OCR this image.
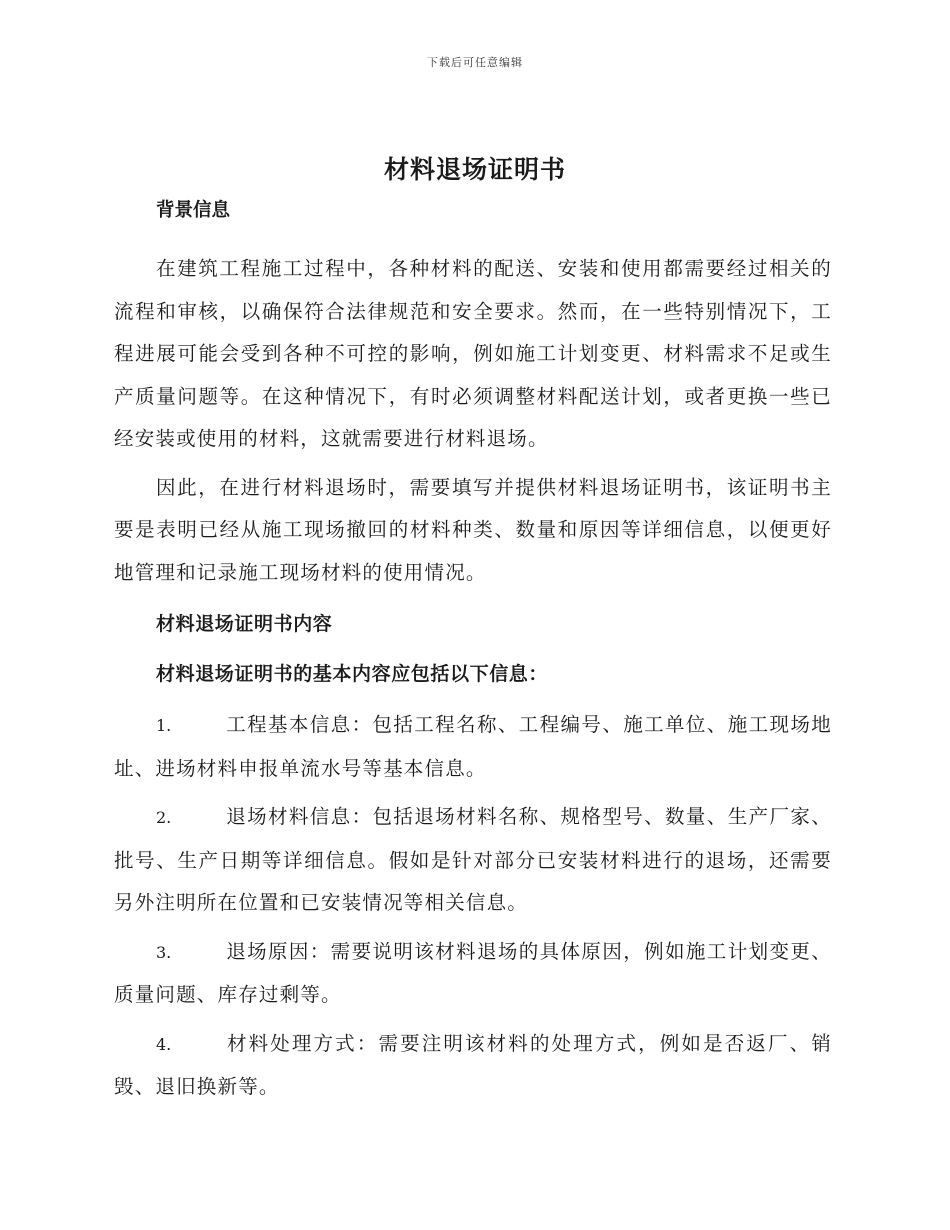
下载后可任意编辑
材料退场证明书

背景信息

在建筑工程施工过程中，各种材料的配送、安装和使用都需要经过相关的流程和审核，以确保符合法律规范和安全要求。然而，在一些特别情况下，工程进展可能会受到各种不可控的影响，例如施工计划变更、材料需求不足或生产质量问题等。在这种情况下，有时必须调整材料配送计划，或者更换一些已经安装或使用的材料，这就需要进行材料退场。

因此，在进行材料退场时，需要填写并提供材料退场证明书，该证明书主要是表明已经从施工现场撤回的材料种类、数量和原因等详细信息，以便更好地管理和记录施工现场材料的使用情况。

材料退场证明书内容

材料退场证明书的基本内容应包括以下信息：

1.	工程基本信息：包括工程名称、工程编号、施工单位、施工现场地址、进场材料申报单流水号等基本信息。

2.	退场材料信息：包括退场材料名称、规格型号、数量、生产厂家、批号、生产日期等详细信息。假如是针对部分已安装材料进行的退场，还需要另外注明所在位置和已安装情况等相关信息。

3.	退场原因：需要说明该材料退场的具体原因，例如施工计划变更、质量问题、库存过剩等。

4.	材料处理方式：需要注明该材料的处理方式，例如是否返厂、销毁、退旧换新等。
